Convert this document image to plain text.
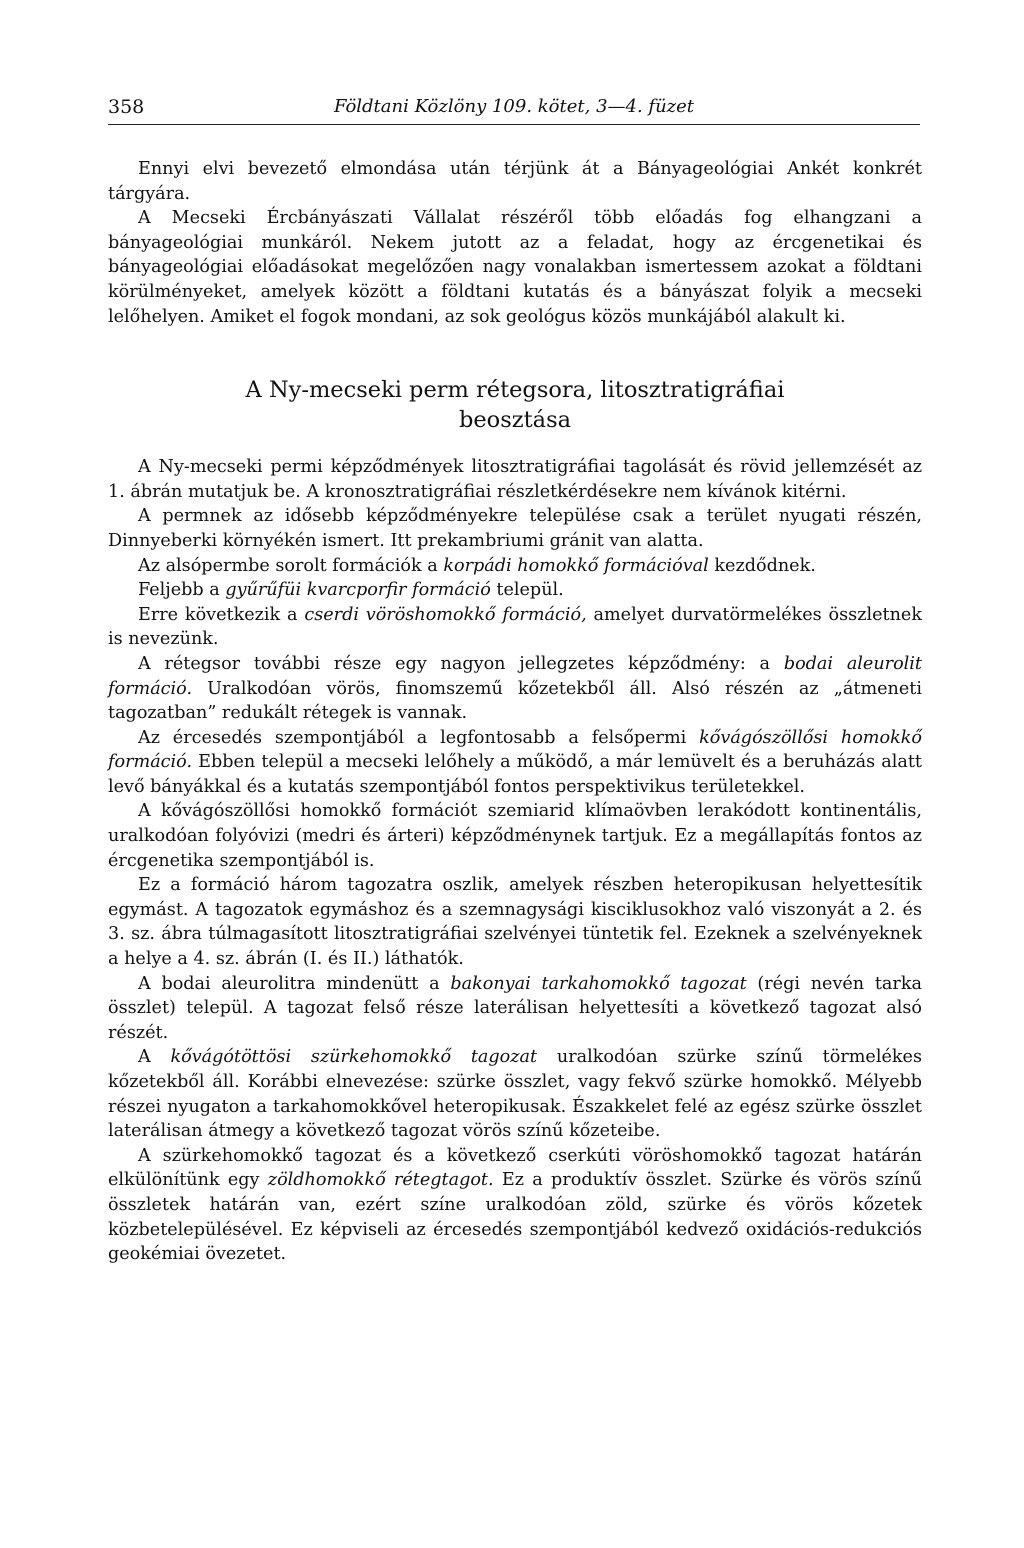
358	Földtani Közlöny 109. kötet, 3—4. füzet

Ennyi elvi bevezető elmondása után térjünk át a Bányageológiai Ankét konkrét tárgyára.

A Mecseki Ércbányászati Vállalat részéről több előadás fog elhangzani a bányageológiai munkáról. Nekem jutott az a feladat, hogy az ércgenetikai és bányageológiai előadásokat megelőzően nagy vonalakban ismertessem azokat a földtani körülményeket, amelyek között a földtani kutatás és a bányászat folyik a mecseki lelőhelyen. Amiket el fogok mondani, az sok geológus közös munkájából alakult ki.

A Ny-mecseki perm rétegsora, litosztratigráfiai
beosztása

A Ny-mecseki permi képződmények litosztratigráfiai tagolását és rövid jellemzését az 1. ábrán mutatjuk be. A kronosztratigráfiai részletkérdésekre nem kívánok kitérni.

A permnek az idősebb képződményekre települése csak a terület nyugati részén, Dinnyeberki környékén ismert. Itt prekambriumi gránit van alatta.

Az alsópermbe sorolt formációk a korpádi homokkő formációval kezdődnek.

Feljebb a gyűrűfüi kvarcporfir formáció települ.

Erre következik a cserdi vöröshomokkő formáció, amelyet durvatörmelékes összletnek is nevezünk.

A rétegsor további része egy nagyon jellegzetes képződmény: a bodai aleurolit formáció. Uralkodóan vörös, finomszemű kőzetekből áll. Alsó részén az „átmeneti tagozatban” redukált rétegek is vannak.

Az ércesedés szempontjából a legfontosabb a felsőpermi kővágószöllősi homokkő formáció. Ebben települ a mecseki lelőhely a működő, a már lemüvelt és a beruházás alatt levő bányákkal és a kutatás szempontjából fontos perspektivikus területekkel.

A kővágószöllősi homokkő formációt szemiarid klímaövben lerakódott kontinentális, uralkodóan folyóvizi (medri és árteri) képződménynek tartjuk. Ez a megállapítás fontos az ércgenetika szempontjából is.

Ez a formáció három tagozatra oszlik, amelyek részben heteropikusan helyettesítik egymást. A tagozatok egymáshoz és a szemnagysági kisciklusokhoz való viszonyát a 2. és 3. sz. ábra túlmagasított litosztratigráfiai szelvényei tüntetik fel. Ezeknek a szelvényeknek a helye a 4. sz. ábrán (I. és II.) láthatók.

A bodai aleurolitra mindenütt a bakonyai tarkahomokkő tagozat (régi nevén tarka összlet) települ. A tagozat felső része laterálisan helyettesíti a következő tagozat alsó részét.

A kővágótöttösi szürkehomokkő tagozat uralkodóan szürke színű törmelékes kőzetekből áll. Korábbi elnevezése: szürke összlet, vagy fekvő szürke homokkő. Mélyebb részei nyugaton a tarkahomokkővel heteropikusak. Északkelet felé az egész szürke összlet laterálisan átmegy a következő tagozat vörös színű kőzeteibe.

A szürkehomokkő tagozat és a következő cserkúti vöröshomokkő tagozat határán elkülönítünk egy zöldhomokkő rétegtagot. Ez a produktív összlet. Szürke és vörös színű összletek határán van, ezért színe uralkodóan zöld, szürke és vörös kőzetek közbetelepülésével. Ez képviseli az ércesedés szempontjából kedvező oxidációs-redukciós geokémiai övezetet.
